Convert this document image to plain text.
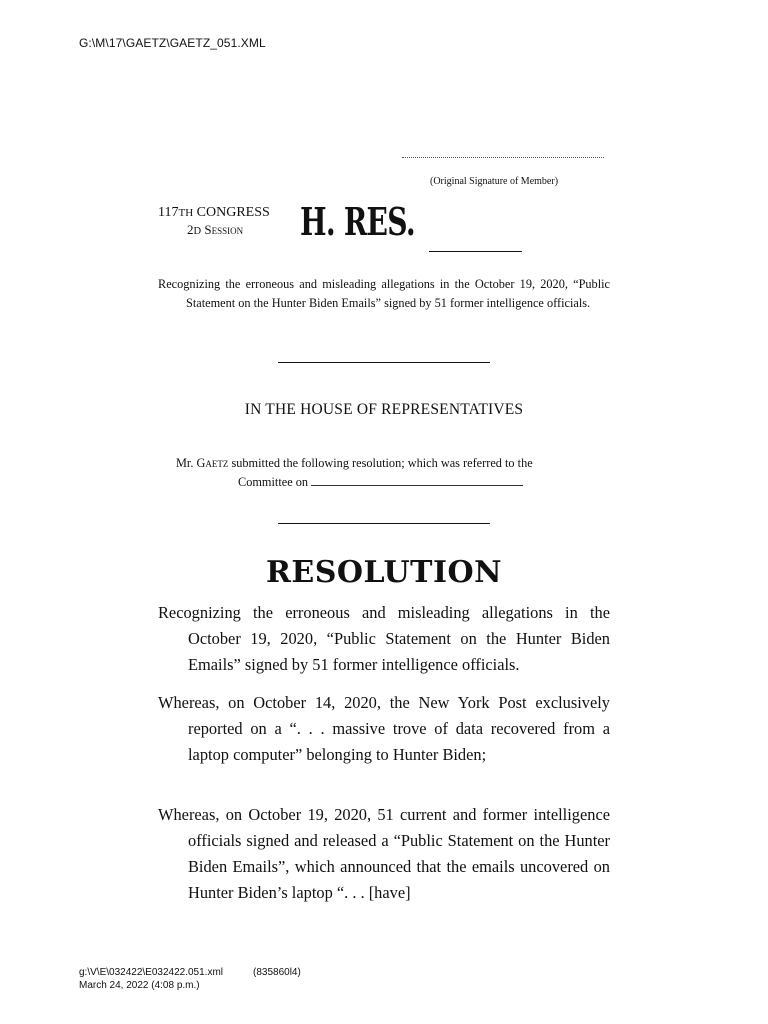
G:\M\17\GAETZ\GAETZ_051.XML
(Original Signature of Member)
117TH CONGRESS
2D Session H. RES.

Recognizing the erroneous and misleading allegations in the October 19, 2020, “Public Statement on the Hunter Biden Emails” signed by 51 former intelligence officials.

IN THE HOUSE OF REPRESENTATIVES
Mr. Gaetz submitted the following resolution; which was referred to the
Committee on
RESOLUTION

Recognizing the erroneous and misleading allegations in the October 19, 2020, “Public Statement on the Hunter Biden Emails” signed by 51 former intelligence officials.

Whereas, on October 14, 2020, the New York Post exclusively reported on a “. . . massive trove of data recovered from a laptop computer” belonging to Hunter Biden;

Whereas, on October 19, 2020, 51 current and former intelligence officials signed and released a “Public Statement on the Hunter Biden Emails”, which announced that the emails uncovered on Hunter Biden’s laptop “. . . [have]

g:\V\E\032422\E032422.051.xml	(835860l4)
March 24, 2022 (4:08 p.m.)
